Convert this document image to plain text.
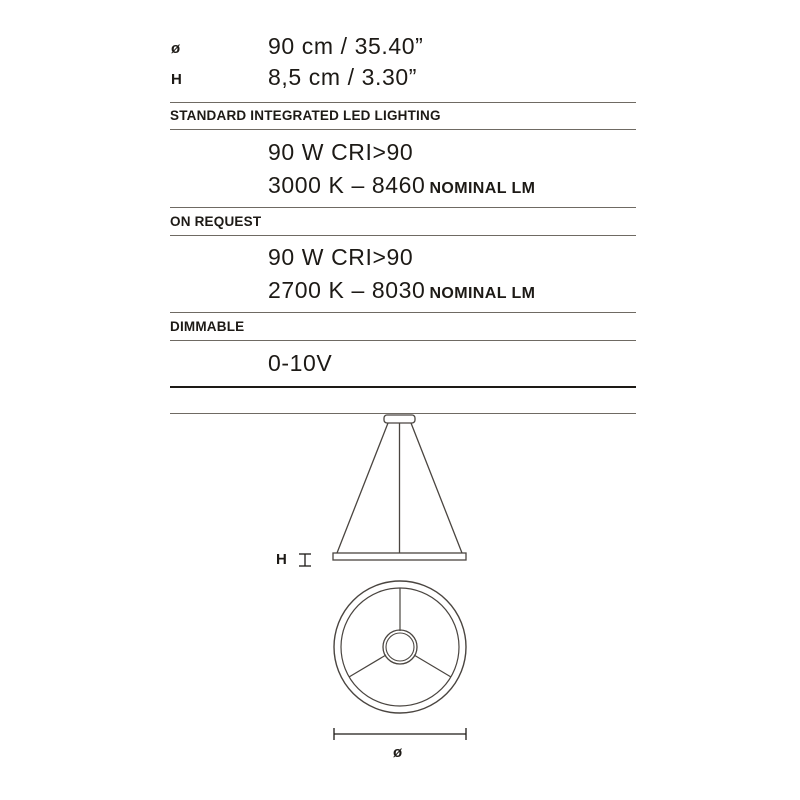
ø	90 cm / 35.40”
H	8,5 cm / 3.30”
STANDARD INTEGRATED LED LIGHTING
90 W CRI>90
3000 K – 8460 NOMINAL LM
ON REQUEST
90 W CRI>90
2700 K – 8030 NOMINAL LM
DIMMABLE
0-10V
H
ø
